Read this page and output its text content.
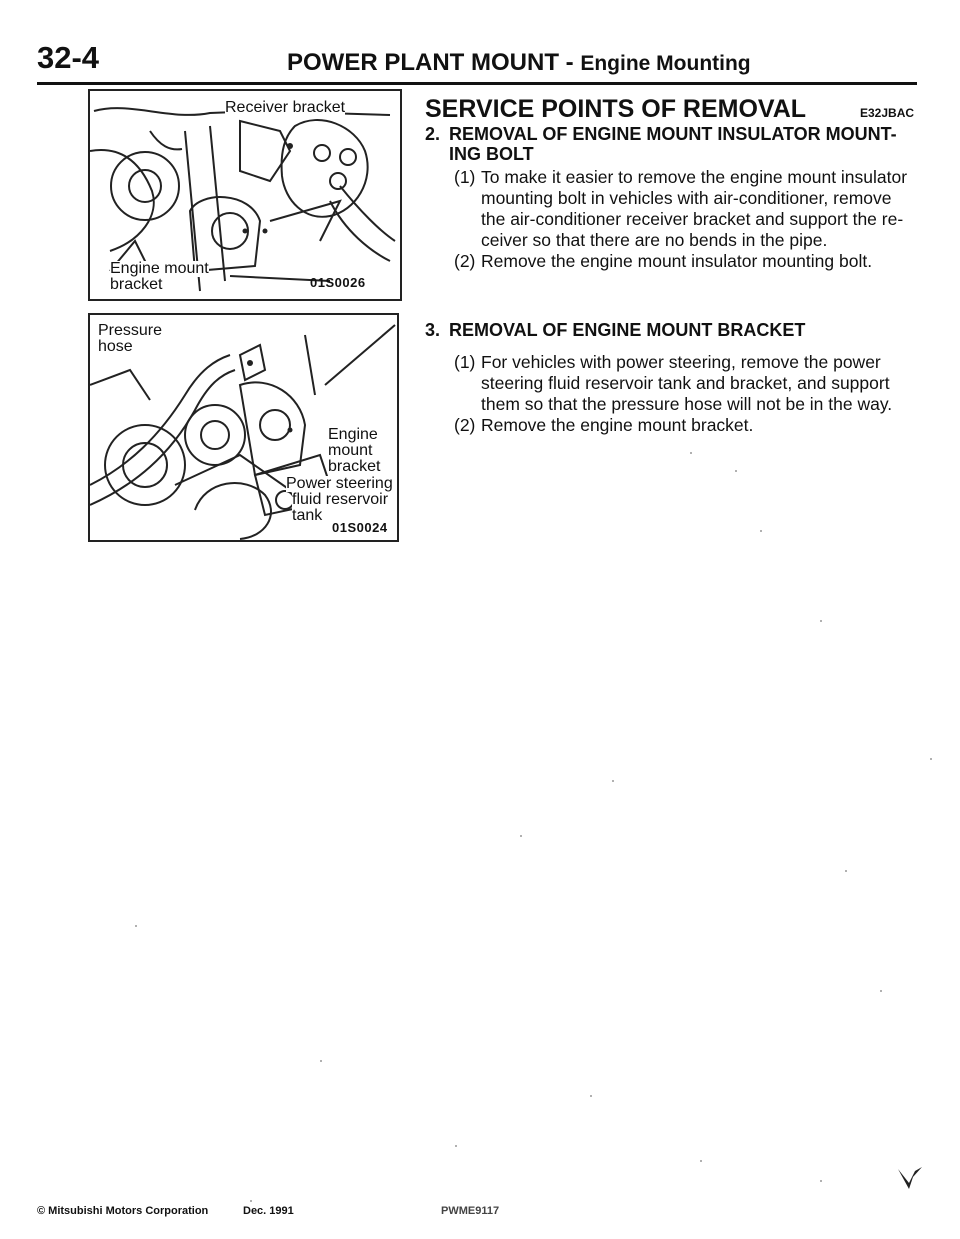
32-4	POWER PLANT MOUNT - Engine Mounting
Receiver bracket
Engine mount
bracket	01S0026
Pressure
hose
Engine
mount
bracket
Power steering
fluid reservoir
tank
01S0024
SERVICE POINTS OF REMOVAL	E32JBAC
2. REMOVAL OF ENGINE MOUNT INSULATOR MOUNT-
ING BOLT
(1) To make it easier to remove the engine mount insulator
mounting bolt in vehicles with air-conditioner, remove
the air-conditioner receiver bracket and support the re-
ceiver so that there are no bends in the pipe.
(2) Remove the engine mount insulator mounting bolt.
3. REMOVAL OF ENGINE MOUNT BRACKET
(1) For vehicles with power steering, remove the power
steering fluid reservoir tank and bracket, and support
them so that the pressure hose will not be in the way.
(2) Remove the engine mount bracket.
© Mitsubishi Motors Corporation	Dec. 1991	PWME9117
